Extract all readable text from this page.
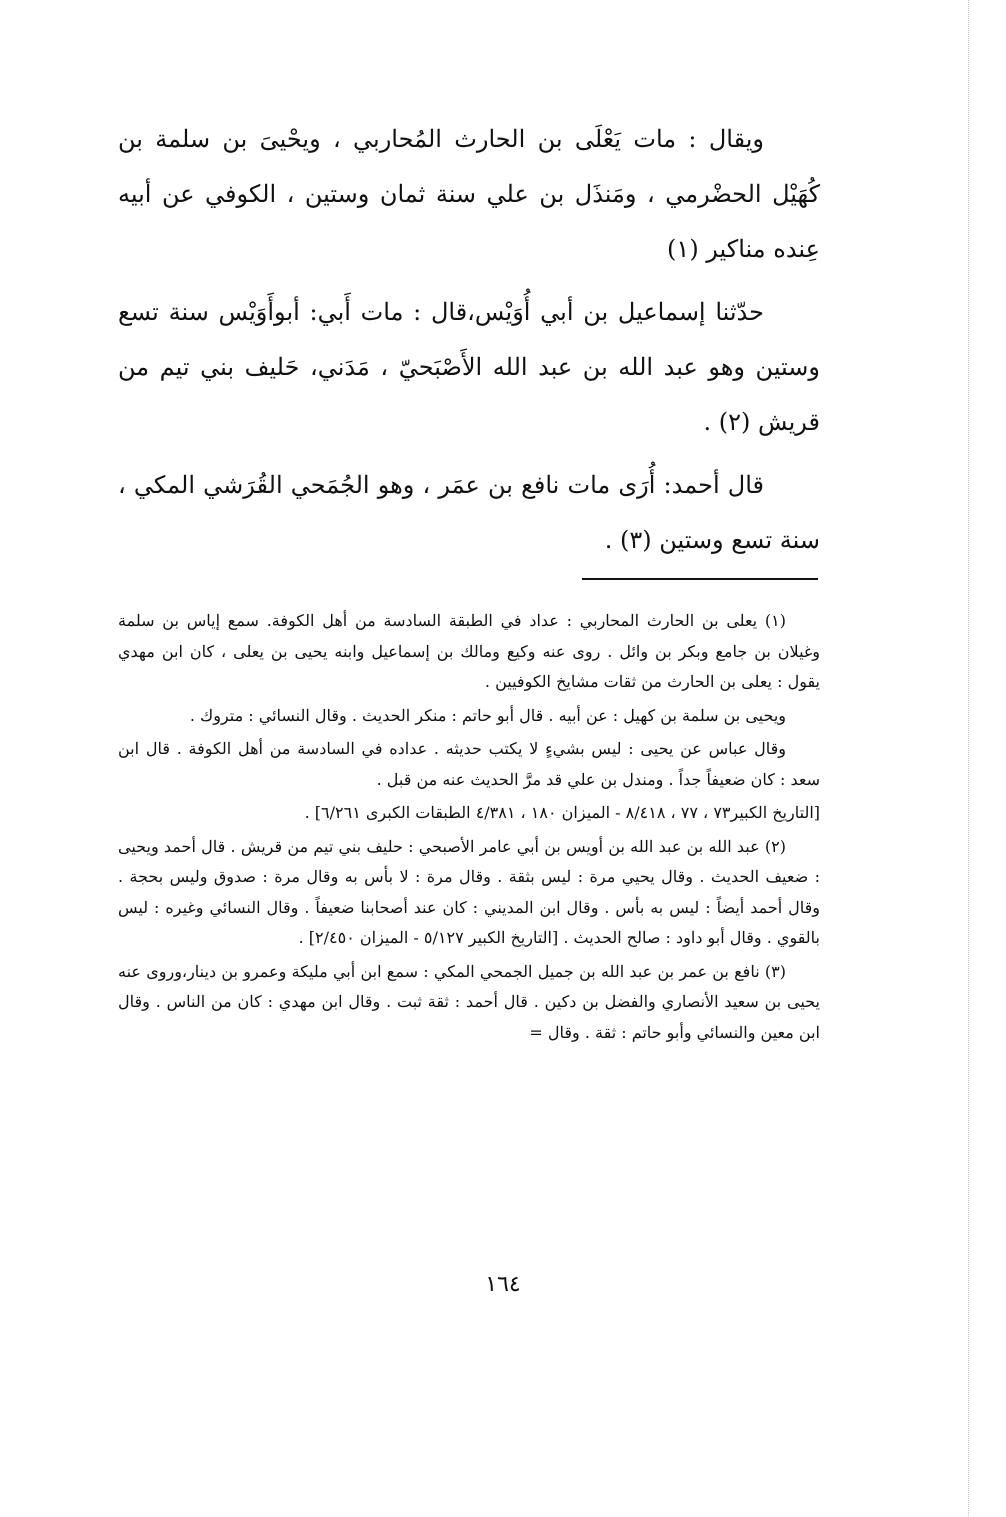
ويقال : مات يَعْلَى بن الحارث المُحاربي ، ويحْيىَ بن سلمة بن كُهَيْل الحضْرمي ، ومَنذَل بن علي سنة ثمان وستين ، الكوفي عن أبيه عِنده مناكير (١)

حدّثنا إسماعيل بن أبي أُوَيْس،قال : مات أَبي: أبوأَوَيْس سنة تسع وستين وهو عبد الله بن عبد الله الأَصْبَحيّ ، مَدَني، حَليف بني تيم من قريش (٢) .

قال أحمد: أُرَى مات نافع بن عمَر ، وهو الجُمَحي القُرَشي المكي ، سنة تسع وستين (٣) .

(١) يعلى بن الحارث المحاربي : عداد في الطبقة السادسة من أهل الكوفة. سمع إياس بن سلمة وغيلان بن جامع وبكر بن وائل . روى عنه وكيع ومالك بن إسماعيل وابنه يحيى بن يعلى ، كان ابن مهدي يقول : يعلى بن الحارث من ثقات مشايخ الكوفيين .

ويحيى بن سلمة بن كهيل : عن أبيه . قال أبو حاتم : منكر الحديث . وقال النسائي : متروك .

وقال عباس عن يحيى : ليس بشيءٍ لا يكتب حديثه . عداده في السادسة من أهل الكوفة . قال ابن سعد : كان ضعيفاً جداً . ومندل بن علي قد مرَّ الحديث عنه من قبل .

[التاريخ الكبير٧٣ ، ٧٧ ، ٨/٤١٨ - الميزان ١٨٠ ، ٤/٣٨١ الطبقات الكبرى ٦/٢٦١] .

(٢) عبد الله بن عبد الله بن أويس بن أبي عامر الأصبحي : حليف بني تيم من قريش . قال أحمد ويحيى : ضعيف الحديث . وقال يحيي مرة : ليس بثقة . وقال مرة : لا بأس به وقال مرة : صدوق وليس بحجة . وقال أحمد أيضاً : ليس به بأس . وقال ابن المديني : كان عند أصحابنا ضعيفاً . وقال النسائي وغيره : ليس بالقوي . وقال أبو داود : صالح الحديث . [التاريخ الكبير ٥/١٢٧ - الميزان ٢/٤٥٠] .

(٣) نافع بن عمر بن عبد الله بن جميل الجمحي المكي : سمع ابن أبي مليكة وعمرو بن دينار،وروى عنه يحيى بن سعيد الأنصاري والفضل بن دكين . قال أحمد : ثقة ثبت . وقال ابن مهدي : كان من الناس . وقال ابن معين والنسائي وأبو حاتم : ثقة . وقال =

١٦٤
